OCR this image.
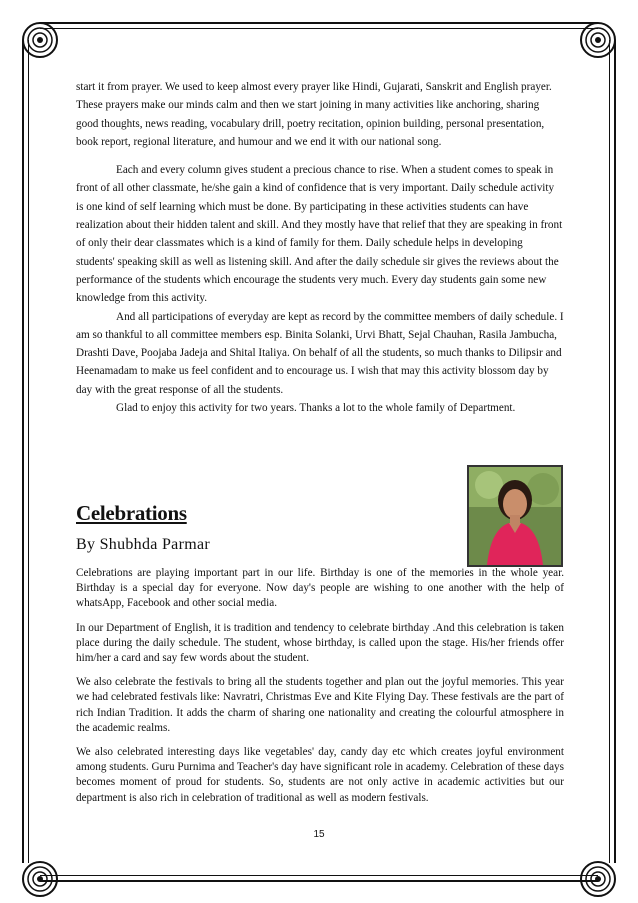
start it from prayer. We used to keep almost every prayer like Hindi, Gujarati, Sanskrit and English prayer. These prayers make our minds calm and then we start joining in many activities like anchoring, sharing good thoughts, news reading, vocabulary drill, poetry recitation, opinion building, personal presentation, book report, regional literature, and humour and we end it with our national song.

Each and every column gives student a precious chance to rise. When a student comes to speak in front of all other classmate, he/she gain a kind of confidence that is very important. Daily schedule activity is one kind of self learning which must be done. By participating in these activities students can have realization about their hidden talent and skill. And they mostly have that relief that they are speaking in front of only their dear classmates which is a kind of family for them. Daily schedule helps in developing students' speaking skill as well as listening skill. And after the daily schedule sir gives the reviews about the performance of the students which encourage the students very much. Every day students gain some new knowledge from this activity.

And all participations of everyday are kept as record by the committee members of daily schedule. I am so thankful to all committee members esp. Binita Solanki, Urvi Bhatt, Sejal Chauhan, Rasila Jambucha, Drashti Dave, Poojaba Jadeja and Shital Italiya. On behalf of all the students, so much thanks to Dilipsir and Heenamadam to make us feel confident and to encourage us. I wish that may this activity blossom day by day with the great response of all the students.

Glad to enjoy this activity for two years. Thanks a lot to the whole family of Department.

Celebrations
By Shubhda Parmar

Celebrations are playing important part in our life. Birthday is one of the memories in the whole year. Birthday is a special day for everyone. Now day's people are wishing to one another with the help of whatsApp, Facebook and other social media.

In our Department of English, it is tradition and tendency to celebrate birthday .And this celebration is taken place during the daily schedule. The student, whose birthday, is called upon the stage. His/her friends offer him/her a card and say few words about the student.

We also celebrate the festivals to bring all the students together and plan out the joyful memories. This year we had celebrated festivals like: Navratri, Christmas Eve and Kite Flying Day. These festivals are the part of rich Indian Tradition. It adds the charm of sharing one nationality and creating the colourful atmosphere in the academic realms.

We also celebrated interesting days like vegetables' day, candy day etc which creates joyful environment among students. Guru Purnima and Teacher's day have significant role in academy. Celebration of these days becomes moment of proud for students. So, students are not only active in academic activities but our department is also rich in celebration of traditional as well as modern festivals.

15
